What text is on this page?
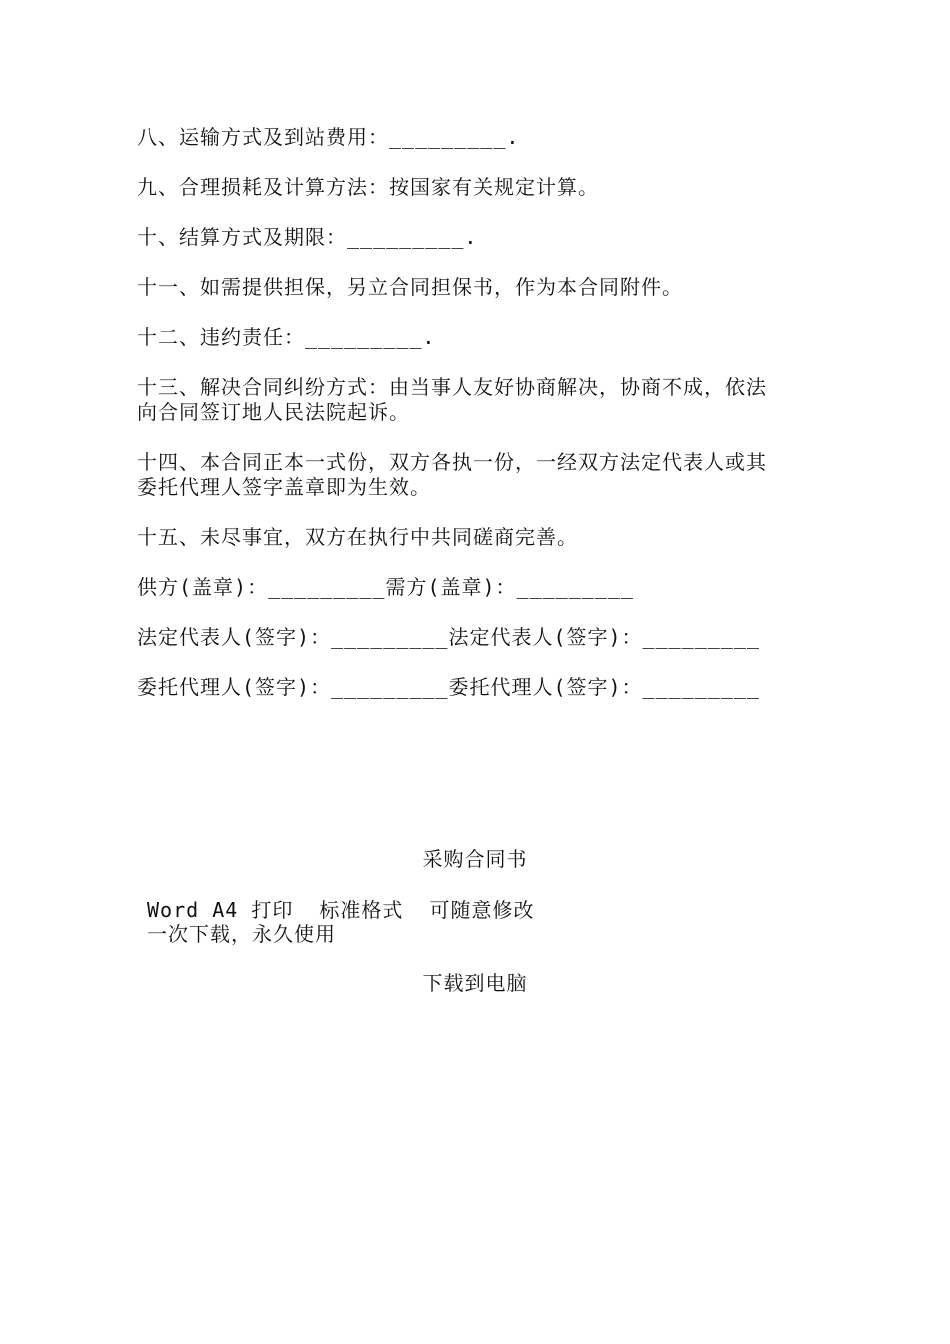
八、运输方式及到站费用：_________.
九、合理损耗及计算方法：按国家有关规定计算。
十、结算方式及期限：_________.
十一、如需提供担保，另立合同担保书，作为本合同附件。
十二、违约责任：_________.
十三、解决合同纠纷方式：由当事人友好协商解决，协商不成，依法
向合同签订地人民法院起诉。
十四、本合同正本一式份，双方各执一份，一经双方法定代表人或其
委托代理人签字盖章即为生效。
十五、未尽事宜，双方在执行中共同磋商完善。
供方(盖章)：_________需方(盖章)：_________
法定代表人(签字)：_________法定代表人(签字)：_________
委托代理人(签字)：_________委托代理人(签字)：_________
采购合同书
Word A4 打印  标准格式  可随意修改
一次下载，永久使用
下载到电脑
